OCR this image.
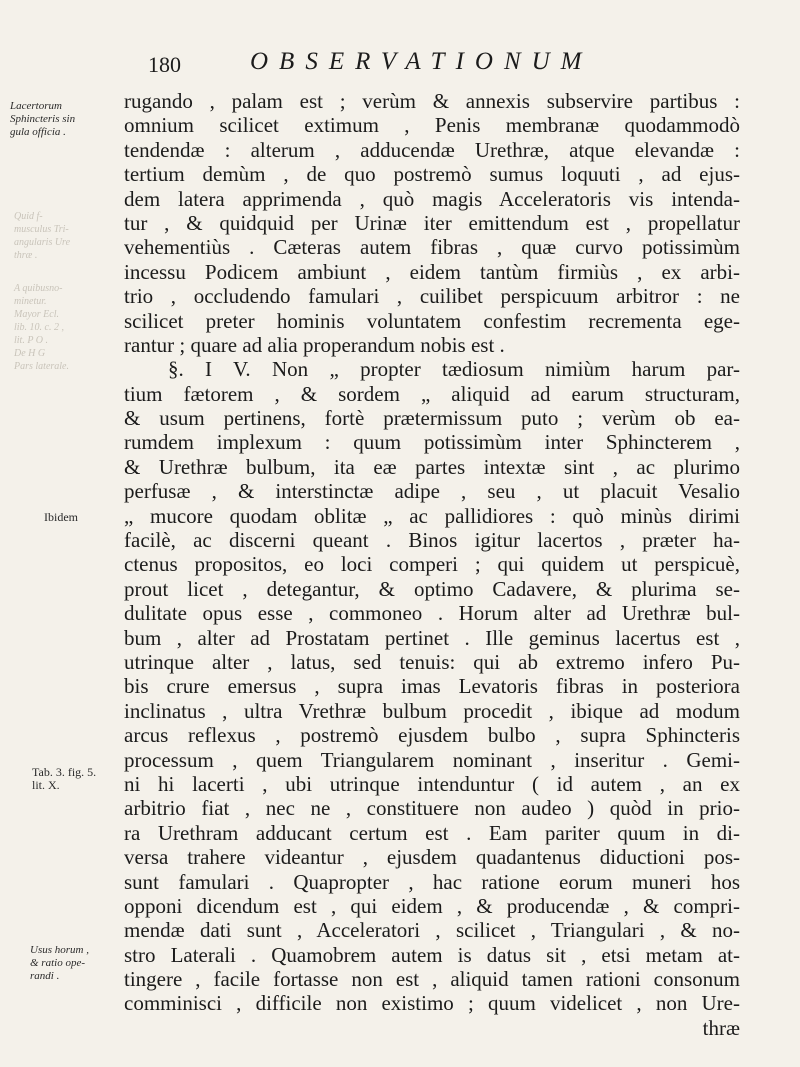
180	OBSERVATIONUM
Quid f-
musculus Tri-
angularis Ure
thræ .
A quibusno-
minetur.
Mayor Ecl.
lib. 10. c. 2 ,
lit. P O .
De H G
Pars laterale.
Lacertorum
Sphincteris sin
gula officia .
Ibidem
Tab. 3. fig. 5.
lit. X.
Usus horum ,
& ratio ope-
randi .
rugando , palam est ; verùm & annexis subservire partibus :
omnium scilicet extimum , Penis membranæ quodammodò
tendendæ : alterum , adducendæ Urethræ, atque elevandæ :
tertium demùm , de quo postremò sumus loquuti , ad ejus-
dem latera apprimenda , quò magis Acceleratoris vis intenda-
tur , & quidquid per Urinæ iter emittendum est , propellatur
vehementiùs . Cæteras autem fibras , quæ curvo potissimùm
incessu Podicem ambiunt , eidem tantùm firmiùs , ex arbi-
trio , occludendo famulari , cuilibet perspicuum arbitror : ne
scilicet preter hominis voluntatem confestim recrementa ege-
rantur ; quare ad alia properandum nobis est .
§. I V. Non „ propter tædiosum nimiùm harum par-
tium fætorem , & sordem „ aliquid ad earum structuram,
& usum pertinens, fortè prætermissum puto ; verùm ob ea-
rumdem implexum : quum potissimùm inter Sphincterem ,
& Urethræ bulbum, ita eæ partes intextæ sint , ac plurimo
perfusæ , & interstinctæ adipe , seu , ut placuit Vesalio
„ mucore quodam oblitæ „ ac pallidiores : quò minùs dirimi
facilè, ac discerni queant . Binos igitur lacertos , præter ha-
ctenus propositos, eo loci comperi ; qui quidem ut perspicuè,
prout licet , detegantur, & optimo Cadavere, & plurima se-
dulitate opus esse , commoneo . Horum alter ad Urethræ bul-
bum , alter ad Prostatam pertinet . Ille geminus lacertus est ,
utrinque alter , latus, sed tenuis: qui ab extremo infero Pu-
bis crure emersus , supra imas Levatoris fibras in posteriora
inclinatus , ultra Vrethræ bulbum procedit , ibique ad modum
arcus reflexus , postremò ejusdem bulbo , supra Sphincteris
processum , quem Triangularem nominant , inseritur . Gemi-
ni hi lacerti , ubi utrinque intenduntur ( id autem , an ex
arbitrio fiat , nec ne , constituere non audeo ) quòd in prio-
ra Urethram adducant certum est . Eam pariter quum in di-
versa trahere videantur , ejusdem quadantenus diductioni pos-
sunt famulari . Quapropter , hac ratione eorum muneri hos
opponi dicendum est , qui eidem , & producendæ , & compri-
mendæ dati sunt , Acceleratori , scilicet , Triangulari , & no-
stro Laterali . Quamobrem autem is datus sit , etsi metam at-
tingere , facile fortasse non est , aliquid tamen rationi consonum
comminisci , difficile non existimo ; quum videlicet , non Ure-
thræ
